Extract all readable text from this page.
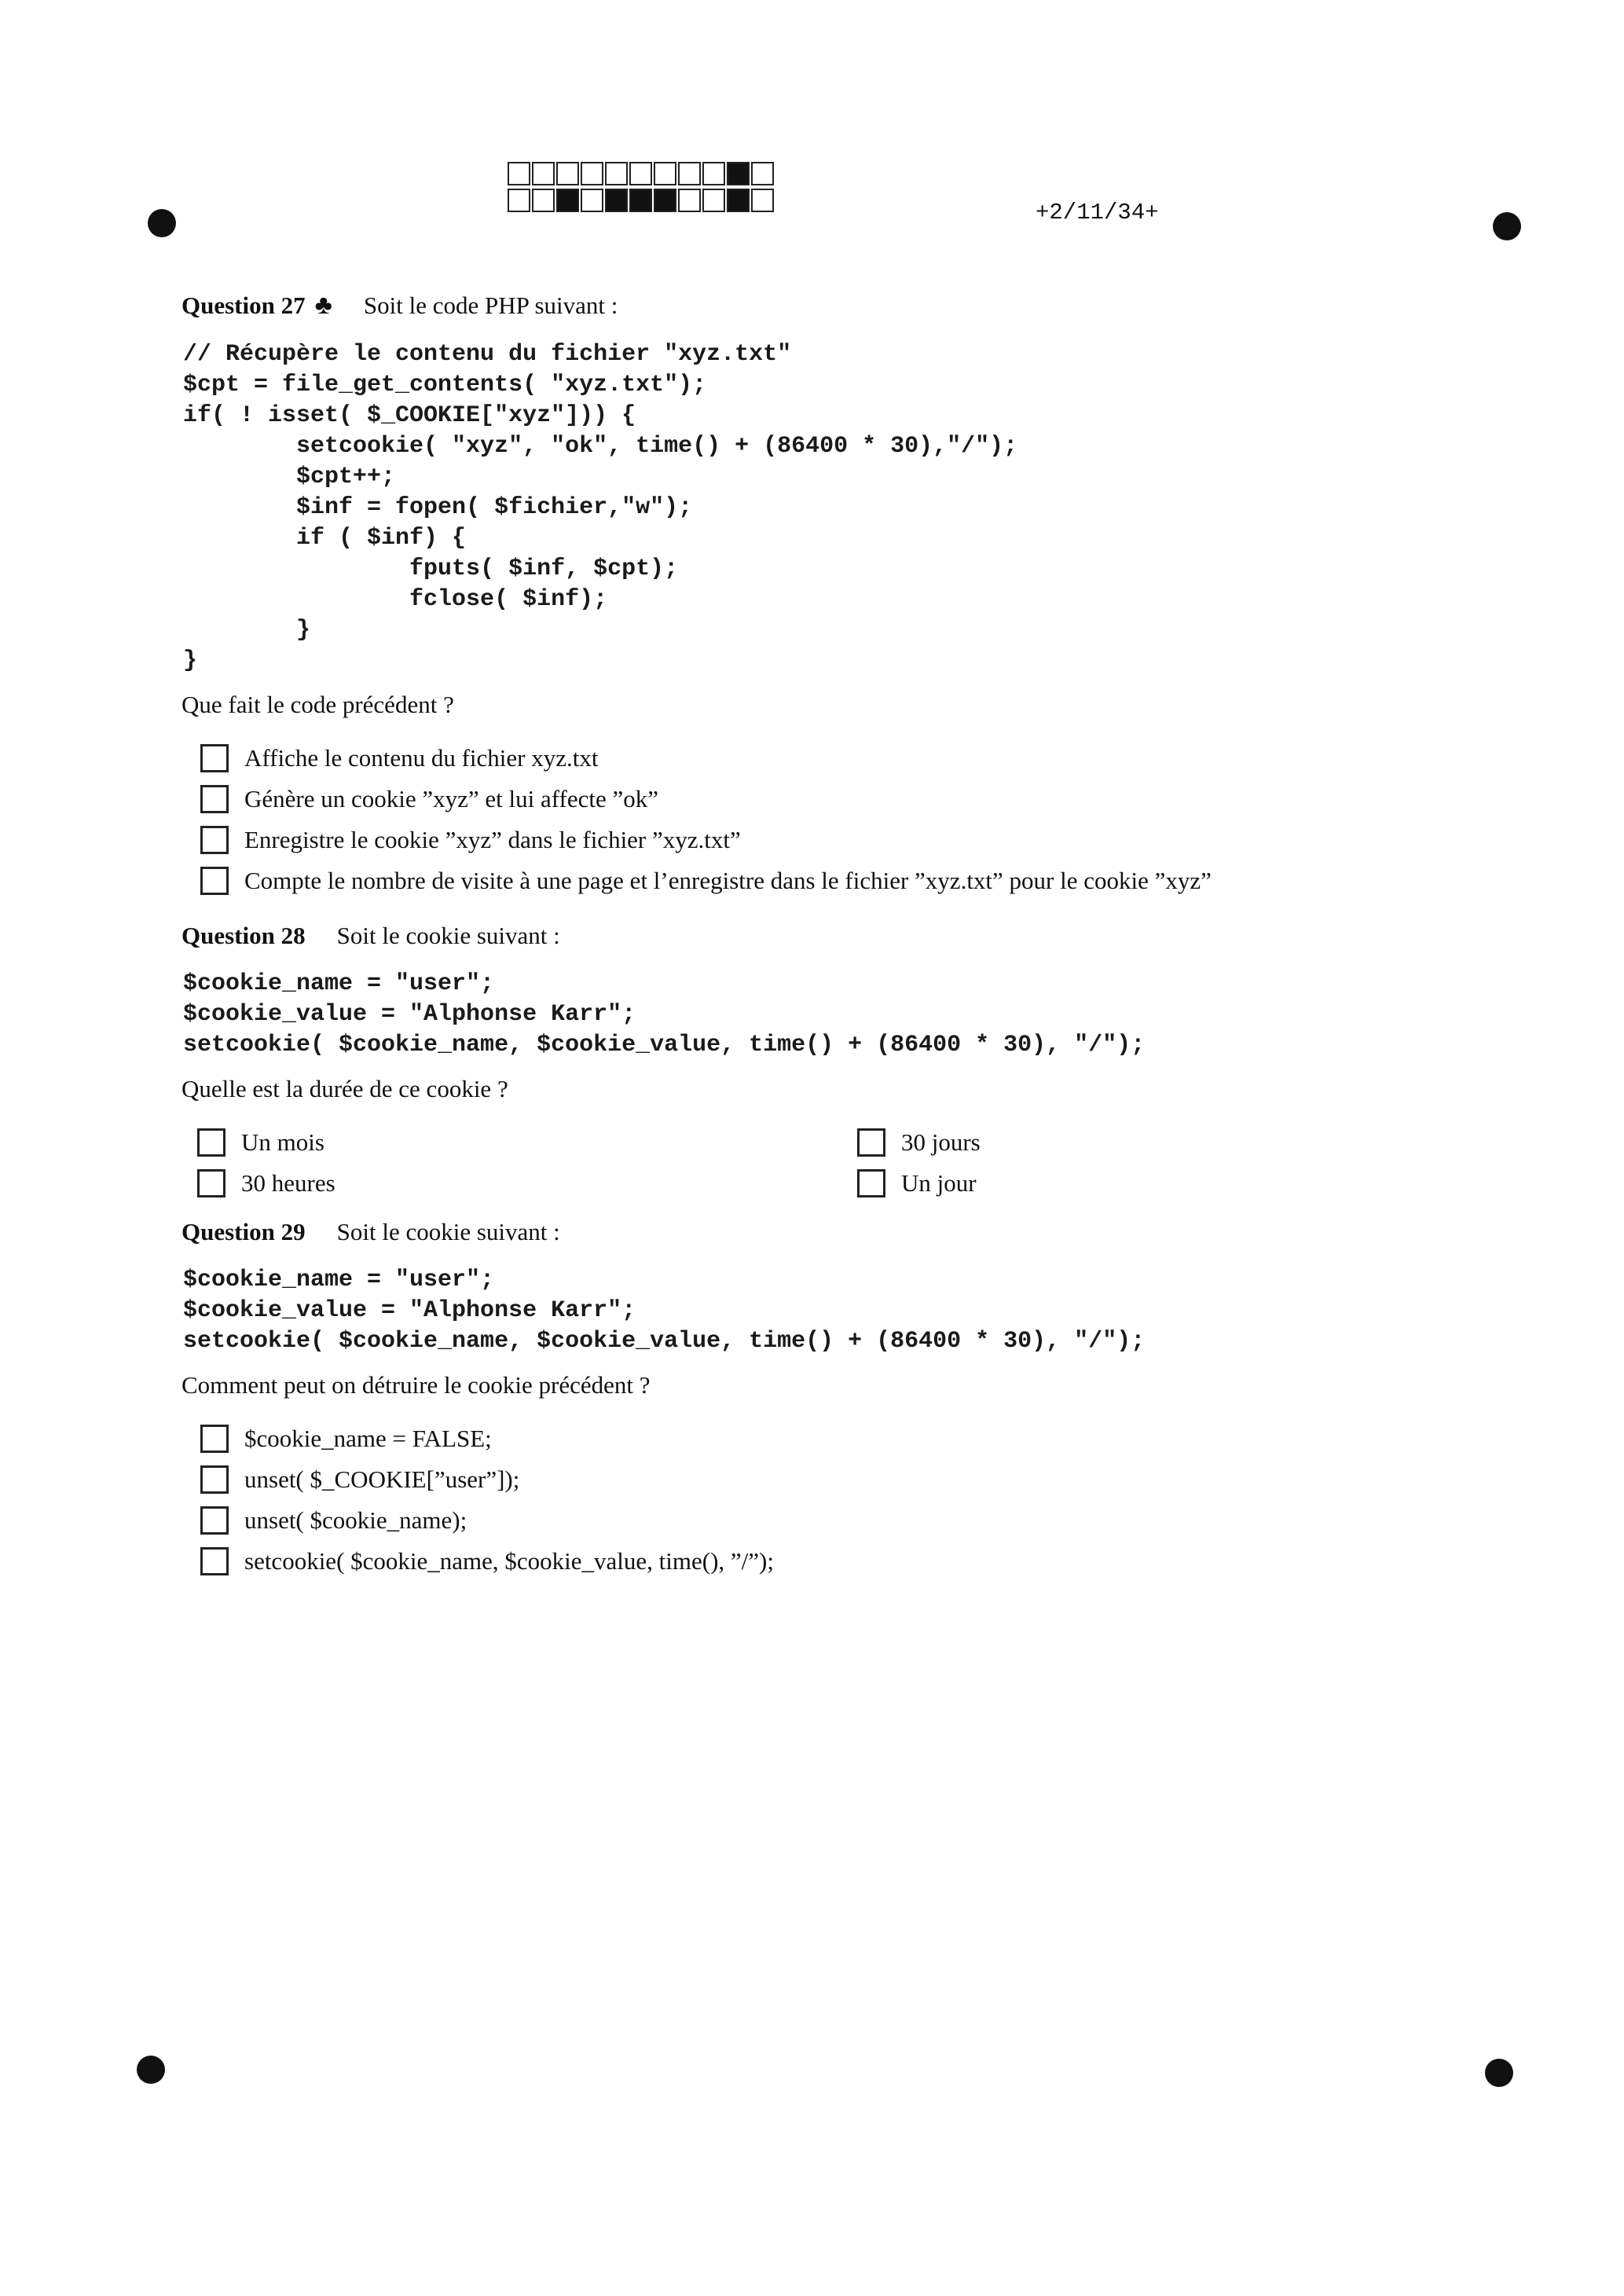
+2/11/34+
Question 27 ♣ Soit le code PHP suivant :
// Récupère le contenu du fichier "xyz.txt"
$cpt = file_get_contents( "xyz.txt");
if( ! isset( $_COOKIE["xyz"])) {
setcookie( "xyz", "ok", time() + (86400 * 30),"/");
$cpt++;
$inf = fopen( $fichier,"w");
if ( $inf) {
fputs( $inf, $cpt);
fclose( $inf);
}
}
Que fait le code précédent ?
Affiche le contenu du fichier xyz.txt
Génère un cookie ”xyz” et lui affecte ”ok”
Enregistre le cookie ”xyz” dans le fichier ”xyz.txt”
Compte le nombre de visite à une page et l’enregistre dans le fichier ”xyz.txt” pour le cookie ”xyz”
Question 28 Soit le cookie suivant :
$cookie_name = "user";
$cookie_value = "Alphonse Karr";
setcookie( $cookie_name, $cookie_value, time() + (86400 * 30), "/");
Quelle est la durée de ce cookie ?
Un mois	30 jours
30 heures	Un jour
Question 29 Soit le cookie suivant :
$cookie_name = "user";
$cookie_value = "Alphonse Karr";
setcookie( $cookie_name, $cookie_value, time() + (86400 * 30), "/");
Comment peut on détruire le cookie précédent ?
$cookie_name = FALSE;
unset( $_COOKIE[”user”]);
unset( $cookie_name);
setcookie( $cookie_name, $cookie_value, time(), ”/”);
